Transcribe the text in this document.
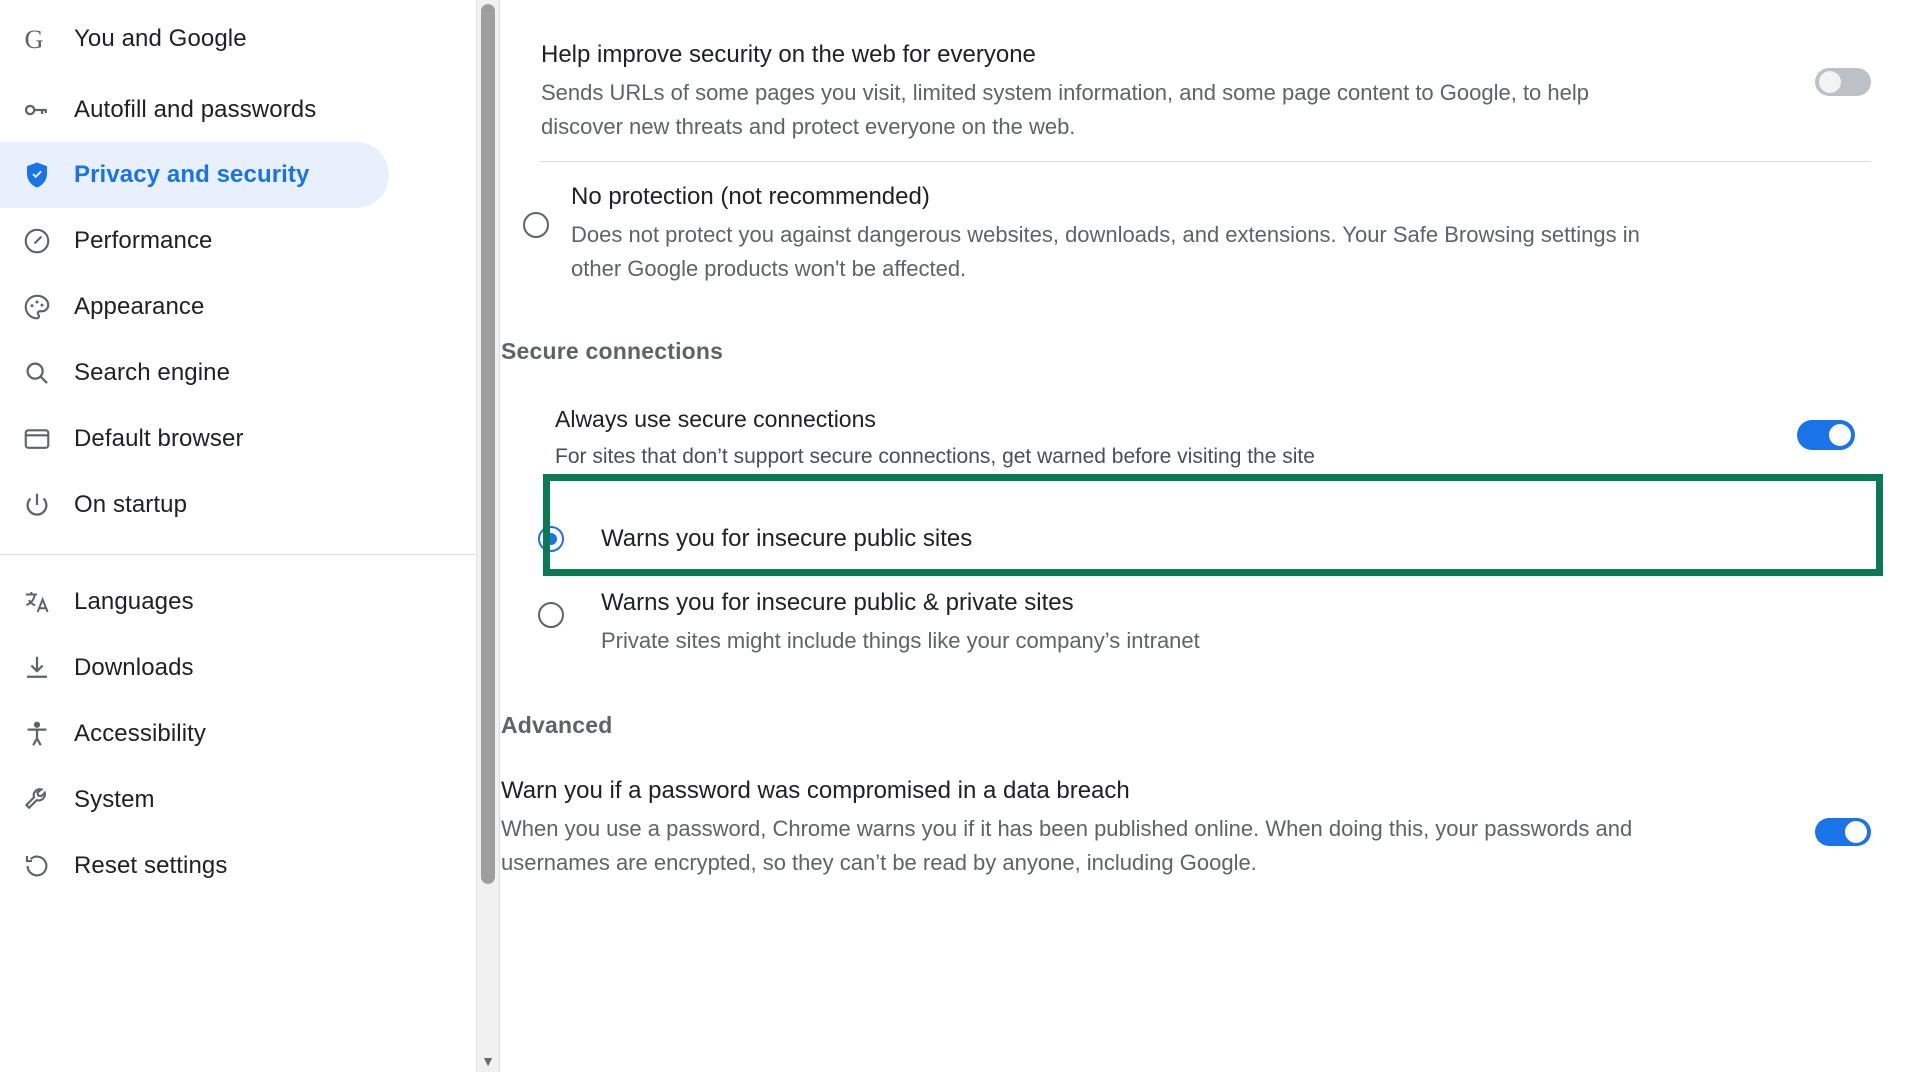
G You and Google
Autofill and passwords
Privacy and security
Performance
Appearance
Search engine
Default browser
On startup
Languages
Downloads
Accessibility
System
Reset settings
▼
Help improve security on the web for everyone
Sends URLs of some pages you visit, limited system information, and some page content to Google, to help discover new threats and protect everyone on the web.
No protection (not recommended)
Does not protect you against dangerous websites, downloads, and extensions. Your Safe Browsing settings in other Google products won't be affected.
Secure connections
Always use secure connections
For sites that don’t support secure connections, get warned before visiting the site
Warns you for insecure public sites
Warns you for insecure public & private sites
Private sites might include things like your company’s intranet
Advanced
Warn you if a password was compromised in a data breach
When you use a password, Chrome warns you if it has been published online. When doing this, your passwords and usernames are encrypted, so they can’t be read by anyone, including Google.
